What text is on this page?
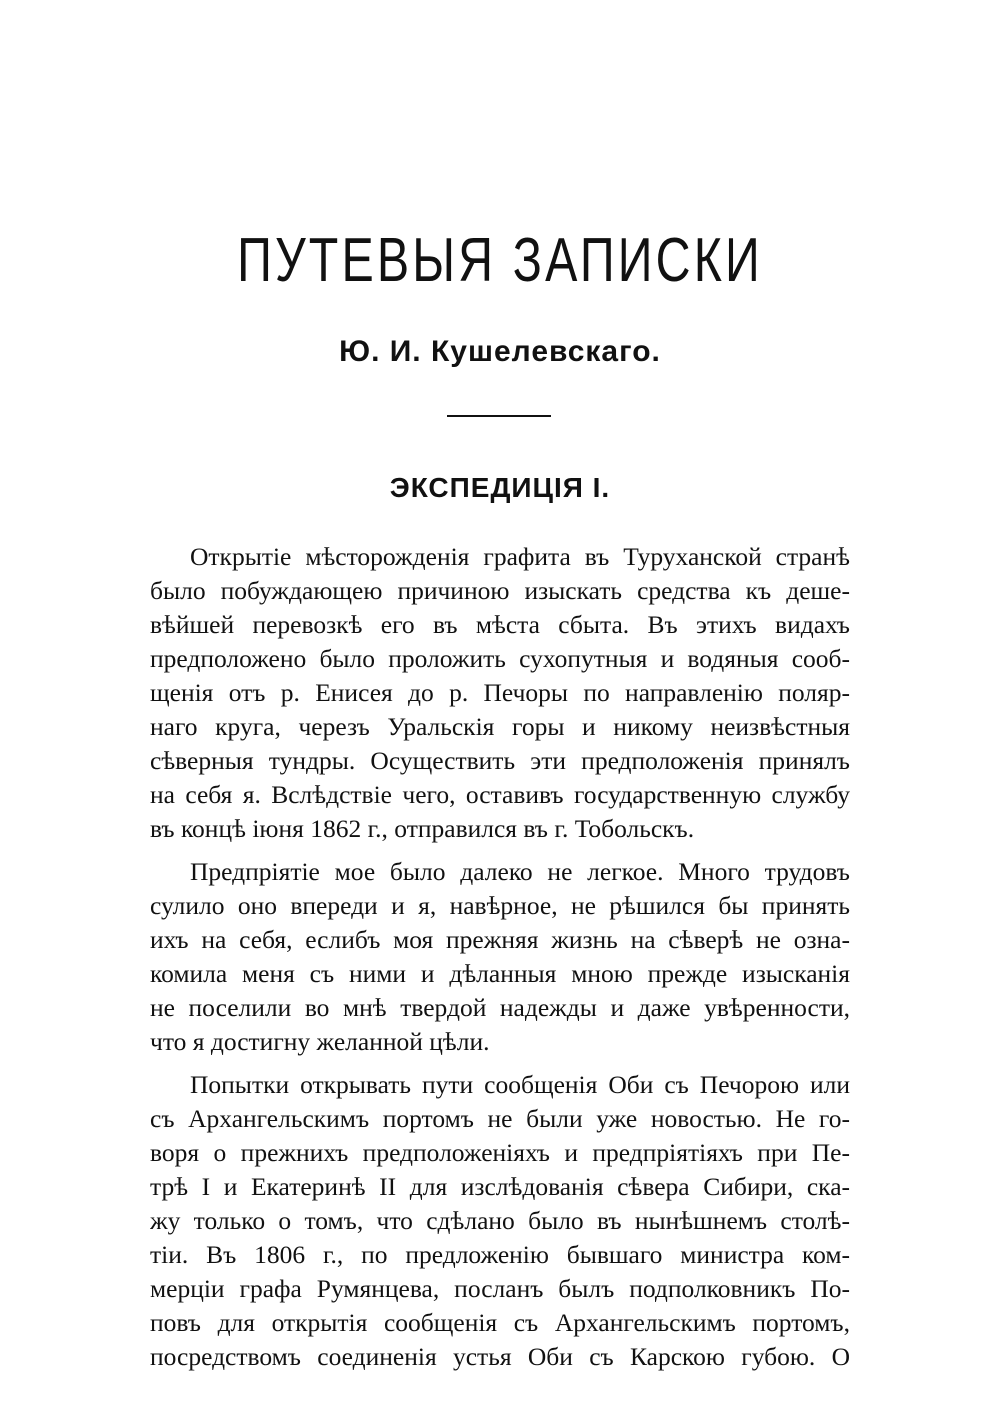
ПУТЕВЫЯ ЗАПИСКИ
Ю. И. Кушелевскаго.
ЭКСПЕДИЦІЯ I.
Открытіе мѣсторожденія графита въ Туруханской странѣ
было побуждающею причиною изыскать средства къ деше-
вѣйшей перевозкѣ его въ мѣста сбыта. Въ этихъ видахъ
предположено было проложить сухопутныя и водяныя сооб-
щенія отъ р. Енисея до р. Печоры по направленію поляр-
наго круга, черезъ Уральскія горы и никому неизвѣстныя
сѣверныя тундры. Осуществить эти предположенія принялъ
на себя я. Вслѣдствіе чего, оставивъ государственную службу
въ концѣ іюня 1862 г., отправился въ г. Тобольскъ.
Предпріятіе мое было далеко не легкое. Много трудовъ
сулило оно впереди и я, навѣрное, не рѣшился бы принять
ихъ на себя, еслибъ моя прежняя жизнь на сѣверѣ не озна-
комила меня съ ними и дѣланныя мною прежде изысканія
не поселили во мнѣ твердой надежды и даже увѣренности,
что я достигну желанной цѣли.
Попытки открывать пути сообщенія Оби съ Печорою или
съ Архангельскимъ портомъ не были уже новостью. Не го-
воря о прежнихъ предположеніяхъ и предпріятіяхъ при Пе-
трѣ I и Екатеринѣ II для изслѣдованія сѣвера Сибири, ска-
жу только о томъ, что сдѣлано было въ нынѣшнемъ столѣ-
тіи. Въ 1806 г., по предложенію бывшаго министра ком-
мерціи графа Румянцева, посланъ былъ подполковникъ По-
повъ для открытія сообщенія съ Архангельскимъ портомъ,
посредствомъ соединенія устья Оби съ Карскою губою. О
